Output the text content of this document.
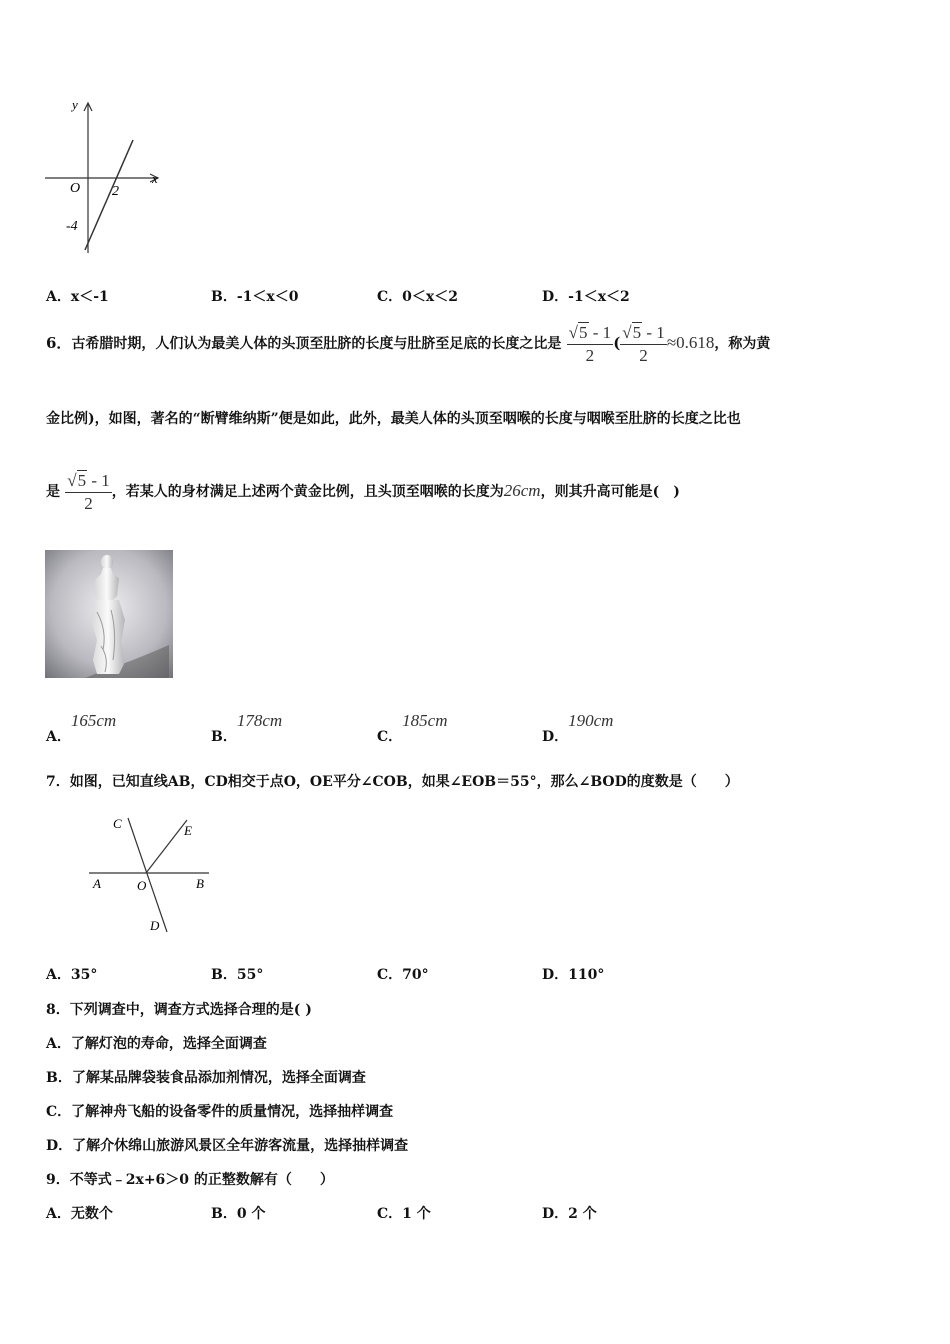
y
x
O 2
-4
A．x＜-1	B．-1＜x＜0	C．0＜x＜2	D．-1＜x＜2
6．古希腊时期，人们认为最美人体的头顶至肚脐的长度与肚脐至足底的长度之比是 $\frac{√5 - 1}{2}$ ( $\frac{√5 - 1}{2} \approx 0.618$，称为黄
金比例)，如图，著名的“断臂维纳斯”便是如此，此外，最美人体的头顶至咽喉的长度与咽喉至肚脐的长度之比也
是 $\frac{√5 - 1}{2}$ ，若某人的身材满足上述两个黄金比例，且头顶至咽喉的长度为26cm，则其升高可能是(　)
A．165cm
B．178cm
C．185cm
D．190cm
7．如图，已知直线AB，CD相交于点O，OE平分∠COB，如果∠EOB＝55°，那么∠BOD的度数是（　　）
C	E
A	O	B
D
A．35°	B．55°	C．70°	D．110°
8．下列调查中，调查方式选择合理的是( )
A．了解灯泡的寿命，选择全面调查
B．了解某品牌袋装食品添加剂情况，选择全面调查
C．了解神舟飞船的设备零件的质量情况，选择抽样调查
D．了解介休绵山旅游风景区全年游客流量，选择抽样调查
9．不等式﹣2x+6＞0 的正整数解有（　　）
A．无数个	B．0 个	C．1 个	D．2 个
